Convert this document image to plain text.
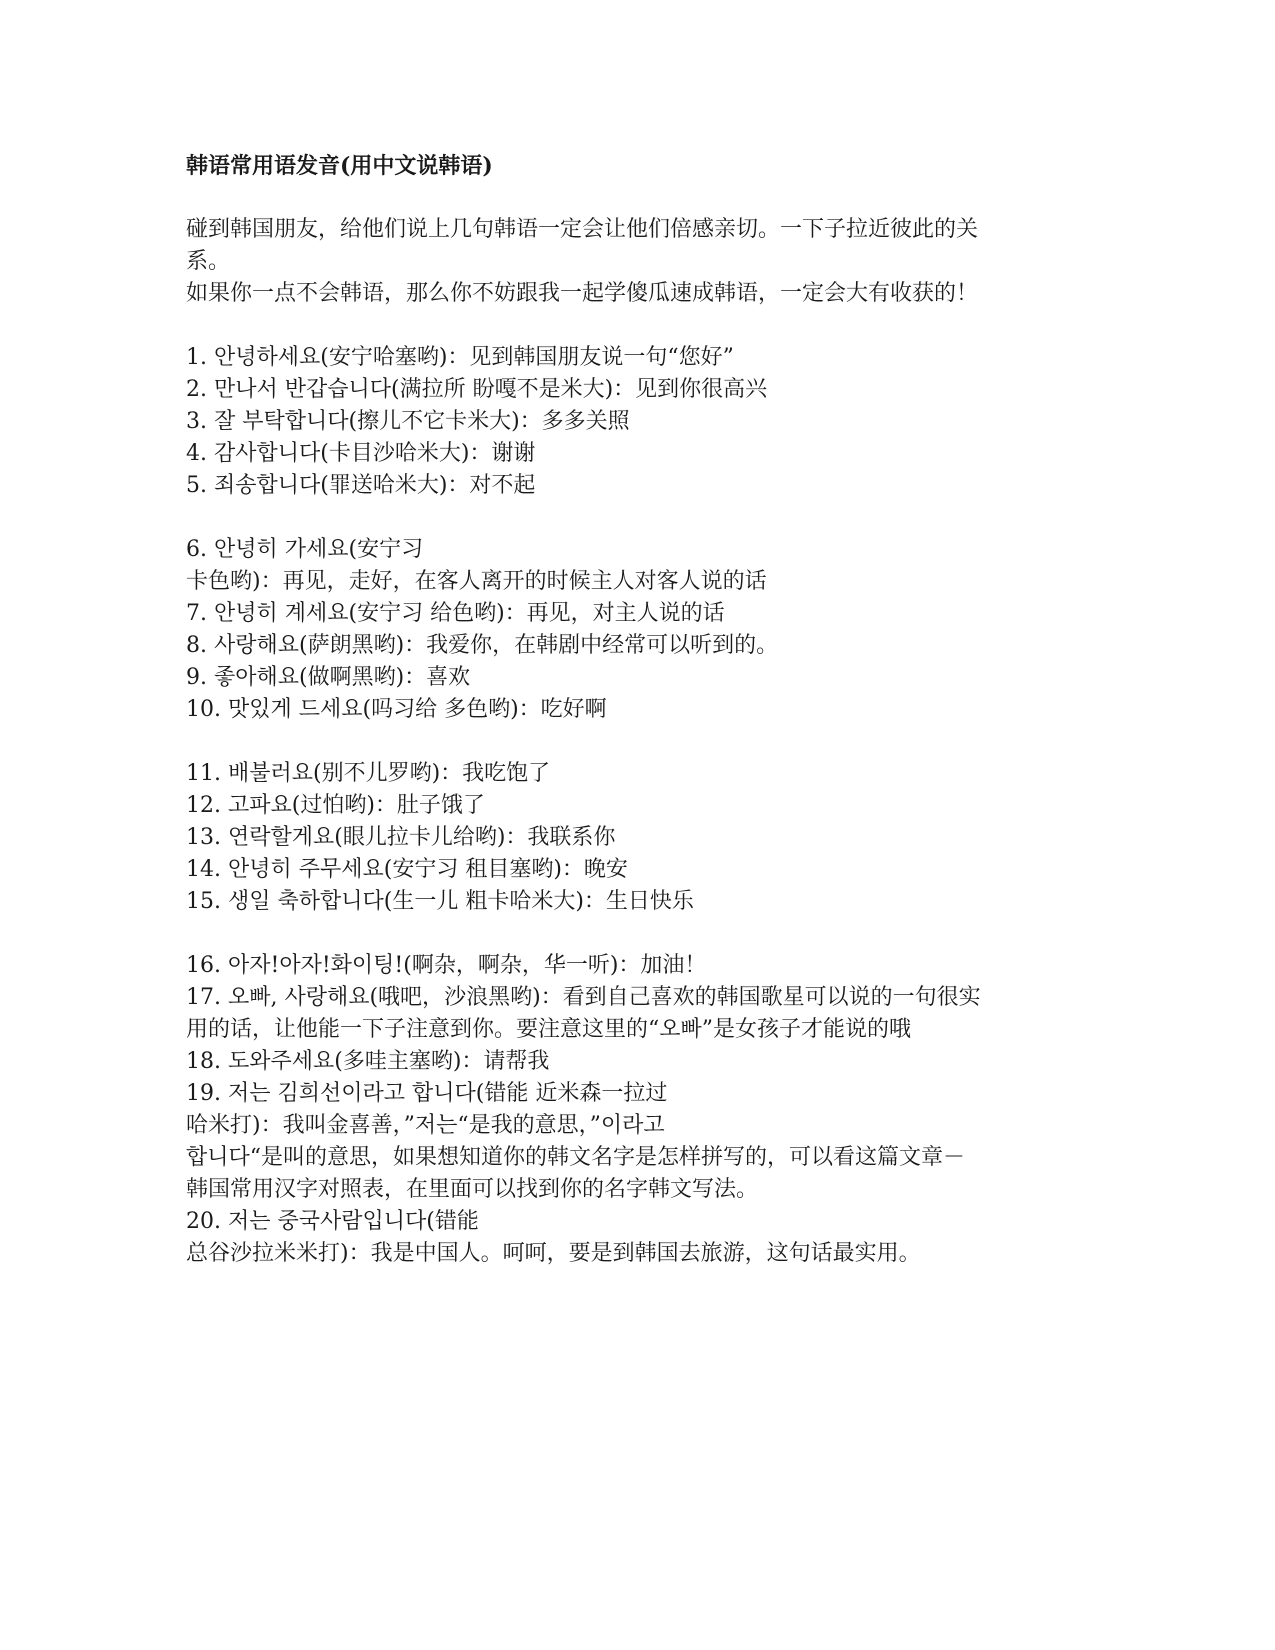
韩语常用语发音(用中文说韩语)
碰到韩国朋友，给他们说上几句韩语一定会让他们倍感亲切。一下子拉近彼此的关
系。
如果你一点不会韩语，那么你不妨跟我一起学傻瓜速成韩语，一定会大有收获的！
1. 안녕하세요(安宁哈塞哟)：见到韩国朋友说一句“您好”
2. 만나서 반갑습니다(满拉所 盼嘎不是米大)：见到你很高兴
3. 잘 부탁합니다(擦儿不它卡米大)：多多关照
4. 감사합니다(卡目沙哈米大)：谢谢
5. 죄송합니다(罪送哈米大)：对不起
6. 안녕히 가세요(安宁习
卡色哟)：再见，走好，在客人离开的时候主人对客人说的话
7. 안녕히 계세요(安宁习 给色哟)：再见，对主人说的话
8. 사랑해요(萨朗黑哟)：我爱你，在韩剧中经常可以听到的。
9. 좋아해요(做啊黑哟)：喜欢
10. 맛있게 드세요(吗习给 多色哟)：吃好啊
11. 배불러요(别不儿罗哟)：我吃饱了
12. 고파요(过怕哟)：肚子饿了
13. 연락할게요(眼儿拉卡儿给哟)：我联系你
14. 안녕히 주무세요(安宁习 租目塞哟)：晚安
15. 생일 축하합니다(生一儿 粗卡哈米大)：生日快乐
16. 아자!아자!화이팅!(啊杂，啊杂，华一听)：加油！
17. 오빠, 사랑해요(哦吧，沙浪黑哟)：看到自己喜欢的韩国歌星可以说的一句很实
用的话，让他能一下子注意到你。要注意这里的“오빠”是女孩子才能说的哦
18. 도와주세요(多哇主塞哟)：请帮我
19. 저는 김희선이라고 합니다(错能 近米森一拉过
哈米打)：我叫金喜善，”저는“是我的意思，”이라고
합니다“是叫的意思，如果想知道你的韩文名字是怎样拼写的，可以看这篇文章－
韩国常用汉字对照表，在里面可以找到你的名字韩文写法。
20. 저는 중국사람입니다(错能
总谷沙拉米米打)：我是中国人。呵呵，要是到韩国去旅游，这句话最实用。
